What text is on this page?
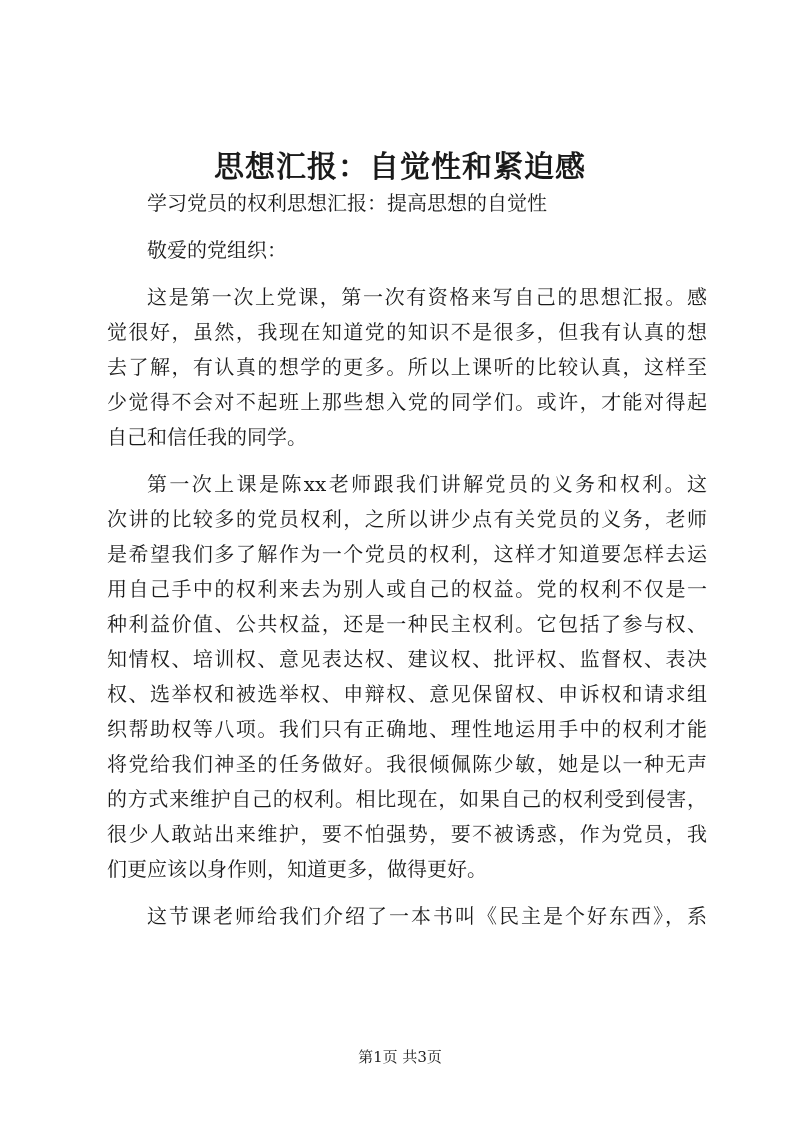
思想汇报：自觉性和紧迫感

学习党员的权利思想汇报：提高思想的自觉性

敬爱的党组织：

这是第一次上党课，第一次有资格来写自己的思想汇报。感
觉很好，虽然，我现在知道党的知识不是很多，但我有认真的想
去了解，有认真的想学的更多。所以上课听的比较认真，这样至
少觉得不会对不起班上那些想入党的同学们。或许，才能对得起
自己和信任我的同学。
第一次上课是陈xx老师跟我们讲解党员的义务和权利。这
次讲的比较多的党员权利，之所以讲少点有关党员的义务，老师
是希望我们多了解作为一个党员的权利，这样才知道要怎样去运
用自己手中的权利来去为别人或自己的权益。党的权利不仅是一
种利益价值、公共权益，还是一种民主权利。它包括了参与权、
知情权、培训权、意见表达权、建议权、批评权、监督权、表决
权、选举权和被选举权、申辩权、意见保留权、申诉权和请求组
织帮助权等八项。我们只有正确地、理性地运用手中的权利才能
将党给我们神圣的任务做好。我很倾佩陈少敏，她是以一种无声
的方式来维护自己的权利。相比现在，如果自己的权利受到侵害，
很少人敢站出来维护，要不怕强势，要不被诱惑，作为党员，我
们更应该以身作则，知道更多，做得更好。
这节课老师给我们介绍了一本书叫《民主是个好东西》，系
第1页 共3页
